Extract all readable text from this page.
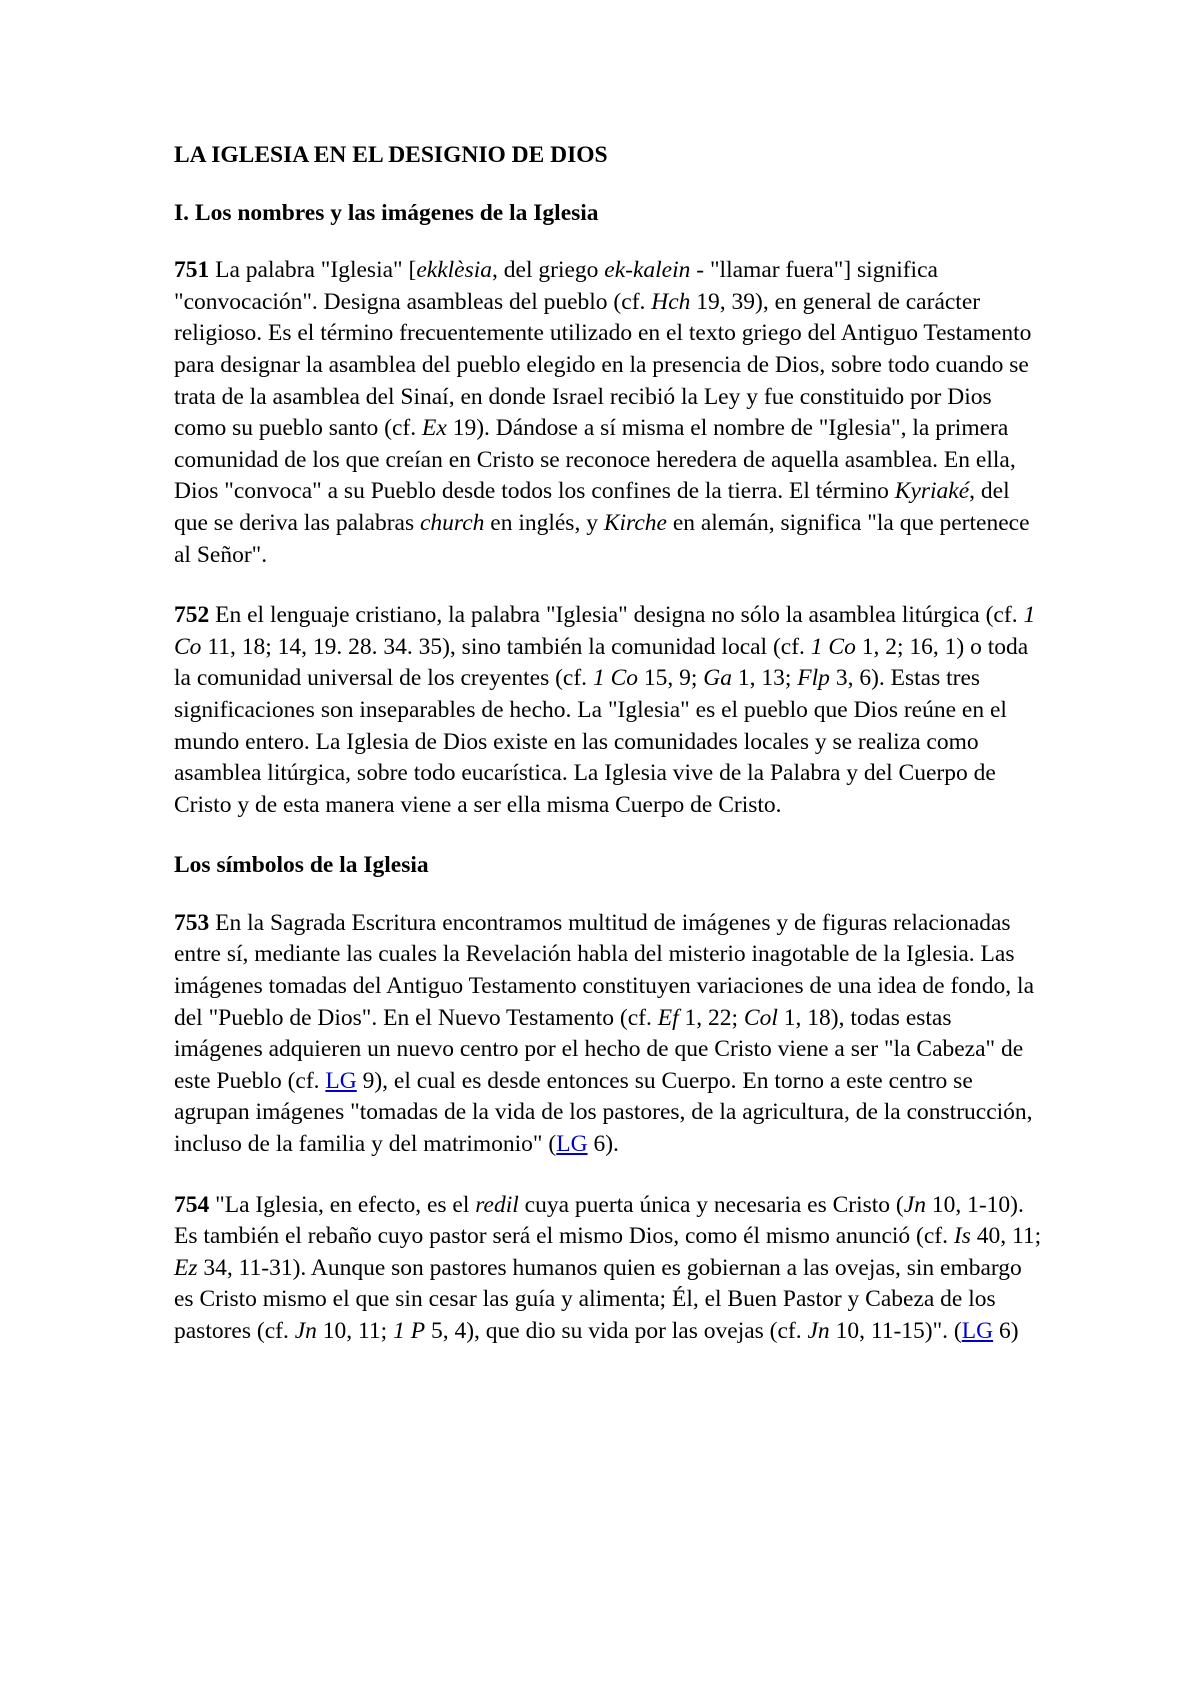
LA IGLESIA EN EL DESIGNIO DE DIOS
I. Los nombres y las imágenes de la Iglesia

751 La palabra "Iglesia" [ekklèsia, del griego ek-kalein - "llamar fuera"] significa "convocación". Designa asambleas del pueblo (cf. Hch 19, 39), en general de carácter religioso. Es el término frecuentemente utilizado en el texto griego del Antiguo Testamento para designar la asamblea del pueblo elegido en la presencia de Dios, sobre todo cuando se trata de la asamblea del Sinaí, en donde Israel recibió la Ley y fue constituido por Dios como su pueblo santo (cf. Ex 19). Dándose a sí misma el nombre de "Iglesia", la primera comunidad de los que creían en Cristo se reconoce heredera de aquella asamblea. En ella, Dios "convoca" a su Pueblo desde todos los confines de la tierra. El término Kyriaké, del que se deriva las palabras church en inglés, y Kirche en alemán, significa "la que pertenece al Señor".

752 En el lenguaje cristiano, la palabra "Iglesia" designa no sólo la asamblea litúrgica (cf. 1 Co 11, 18; 14, 19. 28. 34. 35), sino también la comunidad local (cf. 1 Co 1, 2; 16, 1) o toda la comunidad universal de los creyentes (cf. 1 Co 15, 9; Ga 1, 13; Flp 3, 6). Estas tres significaciones son inseparables de hecho. La "Iglesia" es el pueblo que Dios reúne en el mundo entero. La Iglesia de Dios existe en las comunidades locales y se realiza como asamblea litúrgica, sobre todo eucarística. La Iglesia vive de la Palabra y del Cuerpo de Cristo y de esta manera viene a ser ella misma Cuerpo de Cristo.

Los símbolos de la Iglesia

753 En la Sagrada Escritura encontramos multitud de imágenes y de figuras relacionadas entre sí, mediante las cuales la Revelación habla del misterio inagotable de la Iglesia. Las imágenes tomadas del Antiguo Testamento constituyen variaciones de una idea de fondo, la del "Pueblo de Dios". En el Nuevo Testamento (cf. Ef 1, 22; Col 1, 18), todas estas imágenes adquieren un nuevo centro por el hecho de que Cristo viene a ser "la Cabeza" de este Pueblo (cf. LG 9), el cual es desde entonces su Cuerpo. En torno a este centro se agrupan imágenes "tomadas de la vida de los pastores, de la agricultura, de la construcción, incluso de la familia y del matrimonio" (LG 6).

754 "La Iglesia, en efecto, es el redil cuya puerta única y necesaria es Cristo (Jn 10, 1-10). Es también el rebaño cuyo pastor será el mismo Dios, como él mismo anunció (cf. Is 40, 11; Ez 34, 11-31). Aunque son pastores humanos quien es gobiernan a las ovejas, sin embargo es Cristo mismo el que sin cesar las guía y alimenta; Él, el Buen Pastor y Cabeza de los pastores (cf. Jn 10, 11; 1 P 5, 4), que dio su vida por las ovejas (cf. Jn 10, 11-15)". (LG 6)
